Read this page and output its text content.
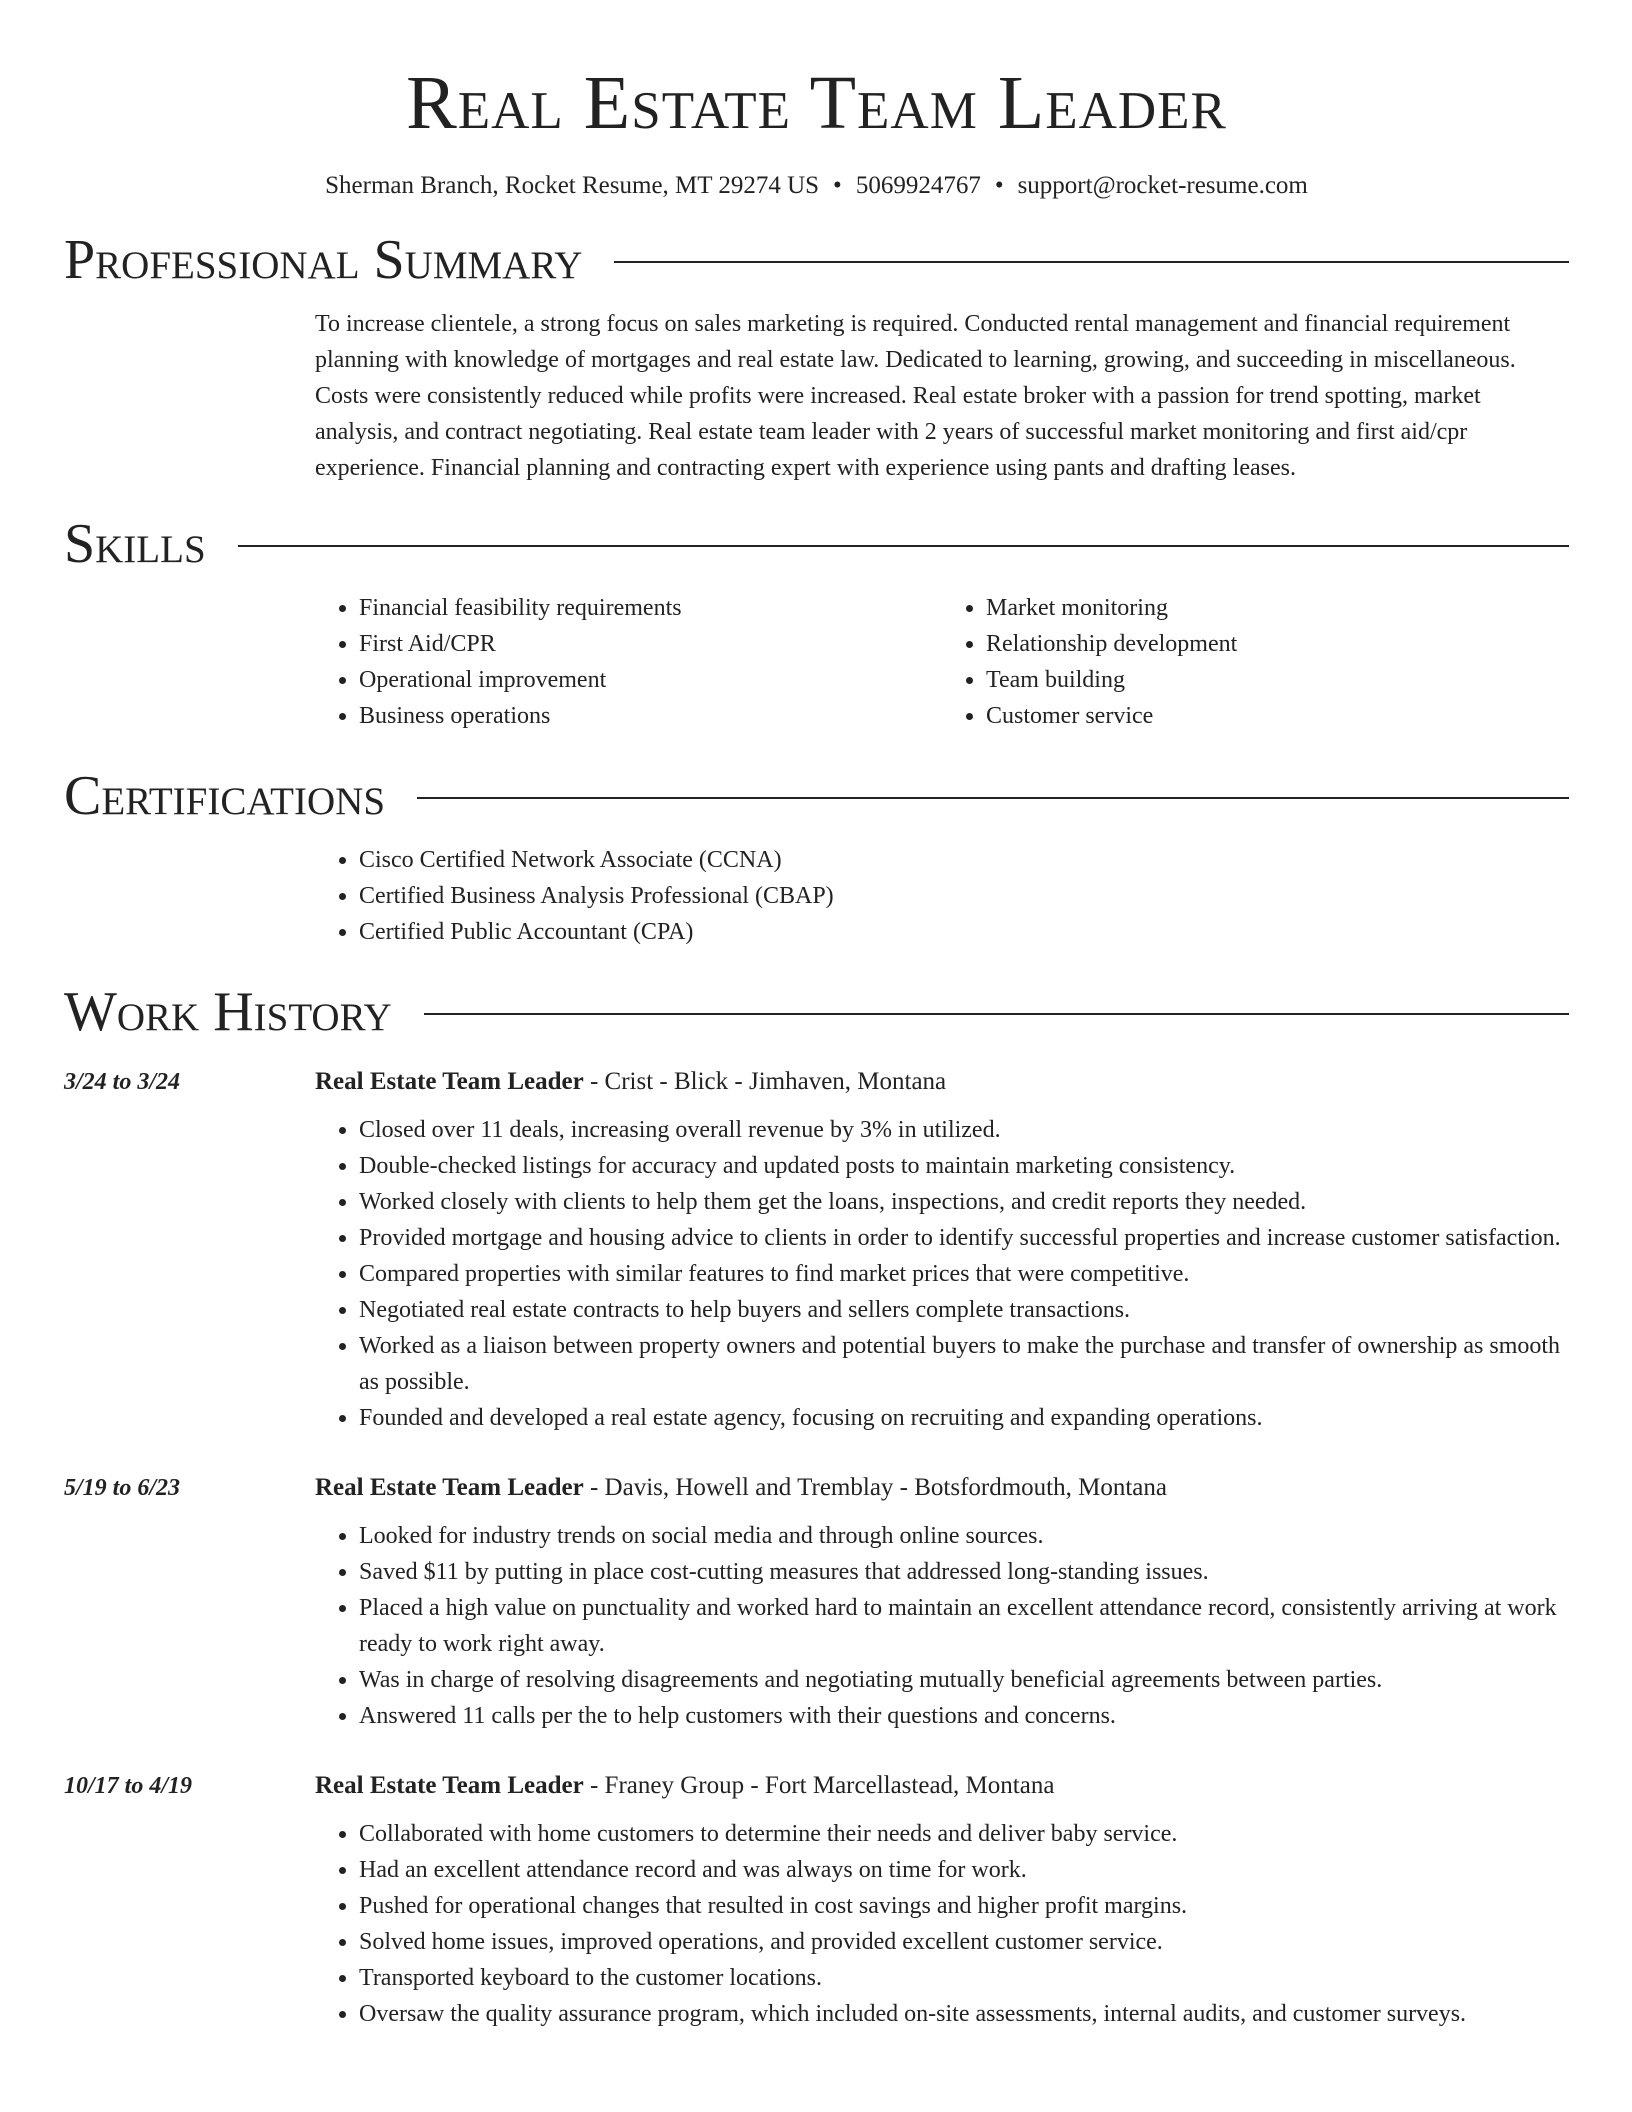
Real Estate Team Leader
Sherman Branch, Rocket Resume, MT 29274 US • 5069924767 • support@rocket-resume.com
Professional Summary

To increase clientele, a strong focus on sales marketing is required. Conducted rental management and financial requirement planning with knowledge of mortgages and real estate law. Dedicated to learning, growing, and succeeding in miscellaneous. Costs were consistently reduced while profits were increased. Real estate broker with a passion for trend spotting, market analysis, and contract negotiating. Real estate team leader with 2 years of successful market monitoring and first aid/cpr experience. Financial planning and contracting expert with experience using pants and drafting leases.

Skills
• Financial feasibility requirements
• First Aid/CPR
• Operational improvement
• Business operations
• Market monitoring
• Relationship development
• Team building
• Customer service
Certifications
• Cisco Certified Network Associate (CCNA)
• Certified Business Analysis Professional (CBAP)
• Certified Public Accountant (CPA)
Work History
3/24 to 3/24	Real Estate Team Leader - Crist - Blick - Jimhaven, Montana
• Closed over 11 deals, increasing overall revenue by 3% in utilized.
• Double-checked listings for accuracy and updated posts to maintain marketing consistency.
• Worked closely with clients to help them get the loans, inspections, and credit reports they needed.
• Provided mortgage and housing advice to clients in order to identify successful properties and increase customer satisfaction.
• Compared properties with similar features to find market prices that were competitive.
• Negotiated real estate contracts to help buyers and sellers complete transactions.
• Worked as a liaison between property owners and potential buyers to make the purchase and transfer of ownership as smooth as possible.
• Founded and developed a real estate agency, focusing on recruiting and expanding operations.
5/19 to 6/23	Real Estate Team Leader - Davis, Howell and Tremblay - Botsfordmouth, Montana
• Looked for industry trends on social media and through online sources.
• Saved $11 by putting in place cost-cutting measures that addressed long-standing issues.
• Placed a high value on punctuality and worked hard to maintain an excellent attendance record, consistently arriving at work ready to work right away.
• Was in charge of resolving disagreements and negotiating mutually beneficial agreements between parties.
• Answered 11 calls per the to help customers with their questions and concerns.
10/17 to 4/19	Real Estate Team Leader - Franey Group - Fort Marcellastead, Montana
• Collaborated with home customers to determine their needs and deliver baby service.
• Had an excellent attendance record and was always on time for work.
• Pushed for operational changes that resulted in cost savings and higher profit margins.
• Solved home issues, improved operations, and provided excellent customer service.
• Transported keyboard to the customer locations.
• Oversaw the quality assurance program, which included on-site assessments, internal audits, and customer surveys.
